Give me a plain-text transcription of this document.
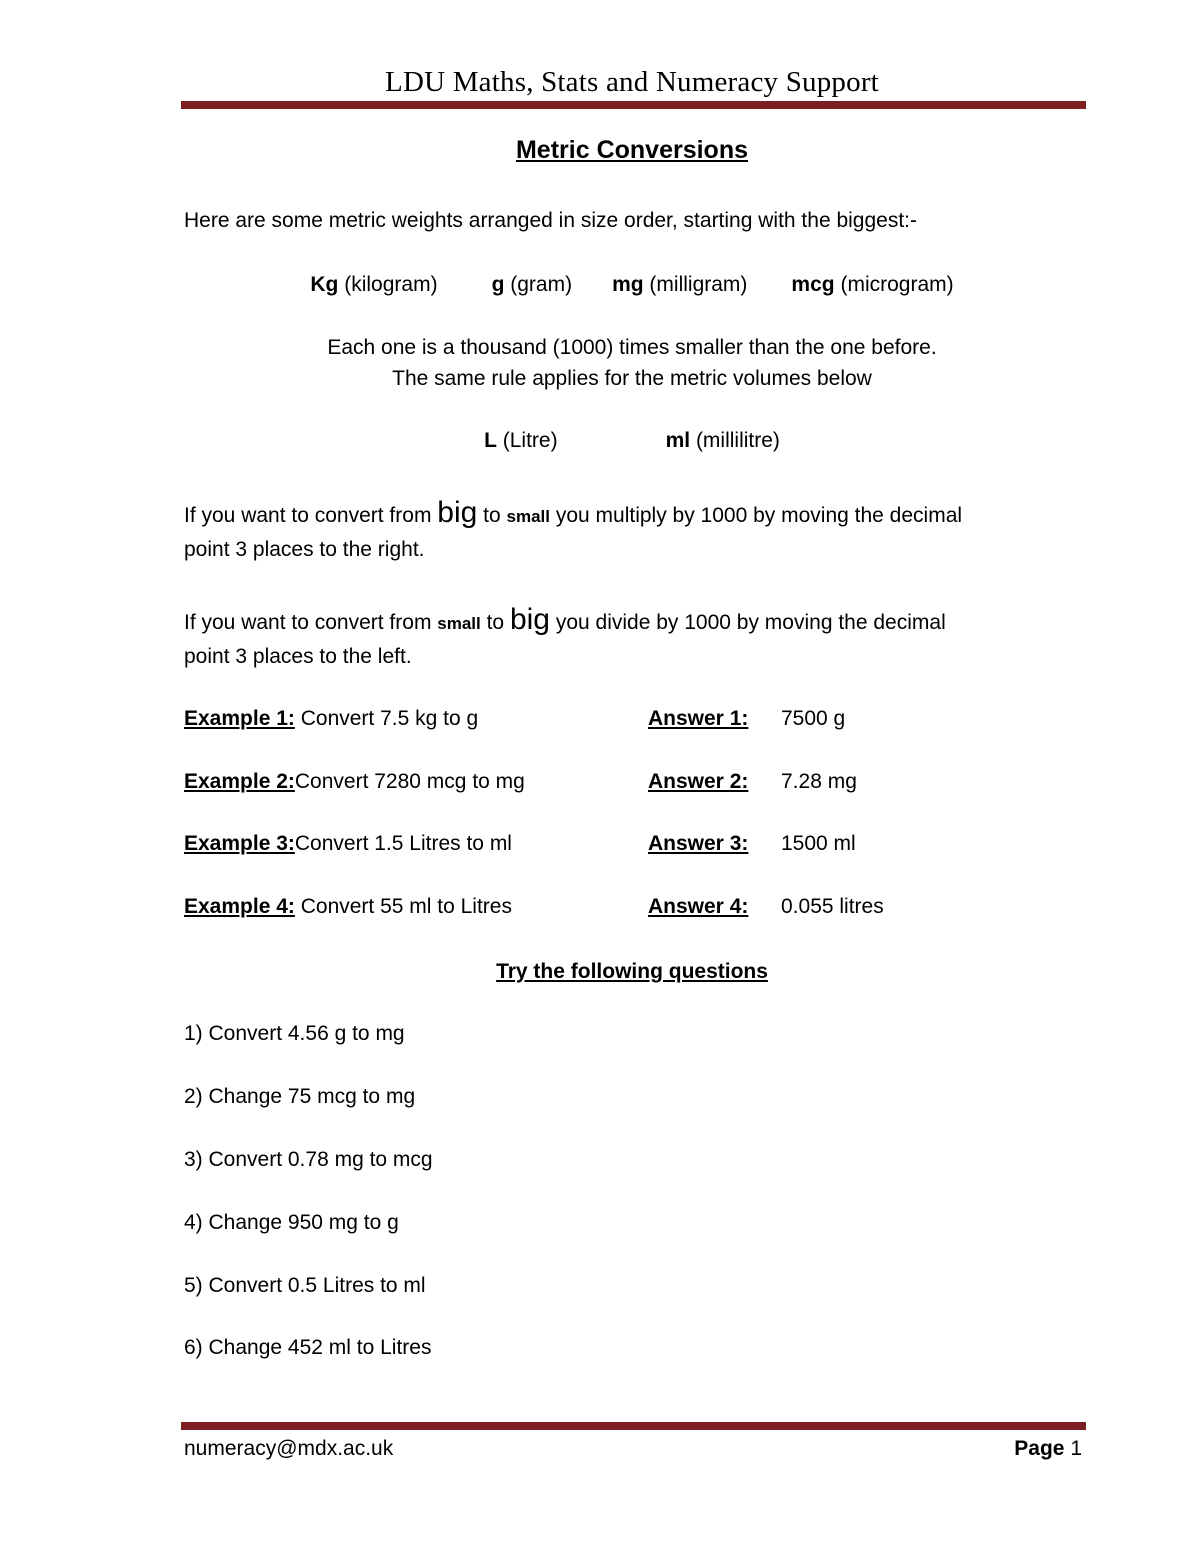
LDU Maths, Stats and Numeracy Support
Metric Conversions
Here are some metric weights arranged in size order, starting with the biggest:-
Kg (kilogram)	g (gram) mg (milligram) mcg (microgram)
Each one is a thousand (1000) times smaller than the one before.
The same rule applies for the metric volumes below
L (Litre)	ml (millilitre)
If you want to convert from big to small you multiply by 1000 by moving the decimal
point 3 places to the right.
If you want to convert from small to big you divide by 1000 by moving the decimal
point 3 places to the left.
Example 1: Convert 7.5 kg to g	Answer 1: 7500 g
Example 2:Convert 7280 mcg to mg	Answer 2: 7.28 mg
Example 3:Convert 1.5 Litres to ml	Answer 3: 1500 ml
Example 4: Convert 55 ml to Litres	Answer 4: 0.055 litres
Try the following questions
1) Convert 4.56 g to mg
2) Change 75 mcg to mg
3) Convert 0.78 mg to mcg
4) Change 950 mg to g
5) Convert 0.5 Litres to ml
6) Change 452 ml to Litres
numeracy@mdx.ac.uk	Page 1
